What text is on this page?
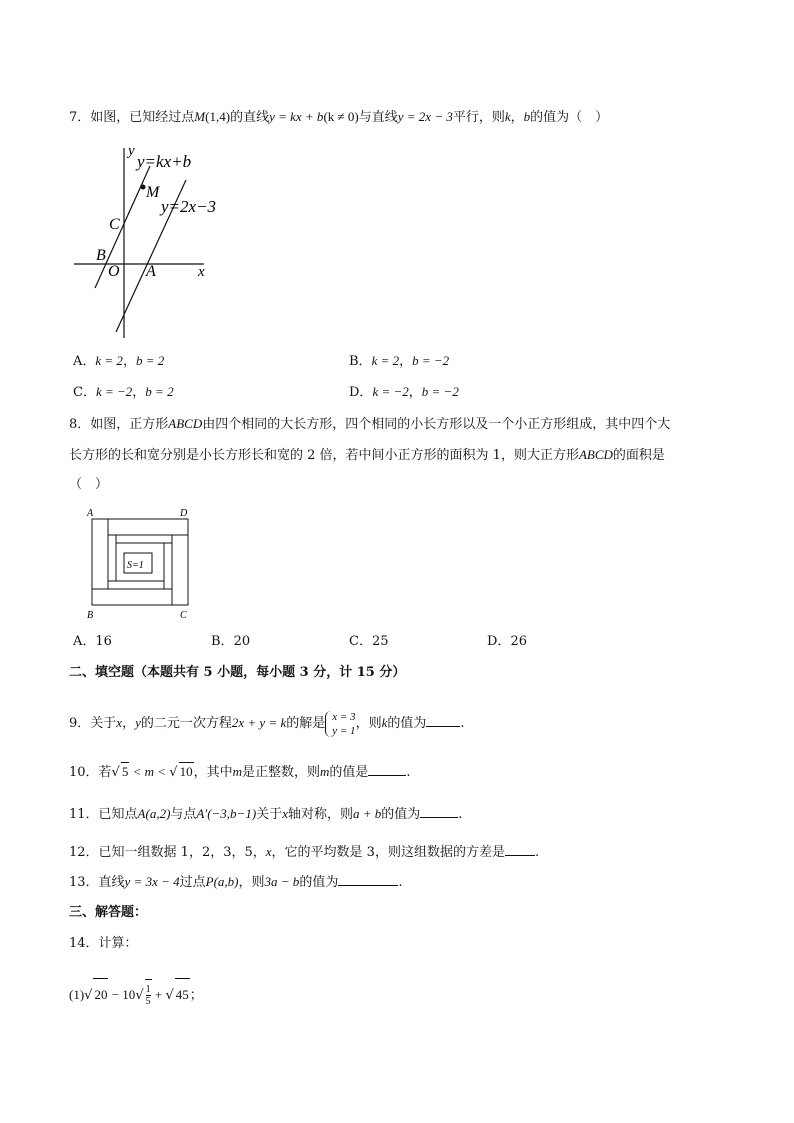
7．如图，已知经过点M(1,4)的直线y = kx + b(k ≠ 0)与直线y = 2x − 3平行，则k，b的值为（　）
y
y=kx+b
M
y=2x−3
C
B
O A	x
A．k = 2，b = 2	B．k = 2，b = −2
C．k = −2，b = 2	D．k = −2，b = −2
8．如图，正方形ABCD由四个相同的大长方形，四个相同的小长方形以及一个小正方形组成，其中四个大
长方形的长和宽分别是小长方形长和宽的 2 倍，若中间小正方形的面积为 1，则大正方形ABCD的面积是
（　）
S=1
A	D
B	C
A．16	B．20	C．25	D．26
二、填空题（本题共有 5 小题，每小题 3 分，计 15 分）
9．关于x，y的二元一次方程2x + y = k的解是 x = 3
y = 1 ，则k的值为	.
10．若√ 5 < m < √ 10，其中m是正整数，则m的值是	.
11．已知点A(a,2)与点A′(−3,b−1)关于x轴对称，则a + b的值为	.
12．已知一组数据 1，2，3，5，x，它的平均数是 3，则这组数据的方差是 .
13．直线y = 3x − 4过点P(a,b)，则3a − b的值为	.
三、解答题：
14．计算：
(1)√ $20 - 10√ \frac{1}{5}$ + √ 45；
